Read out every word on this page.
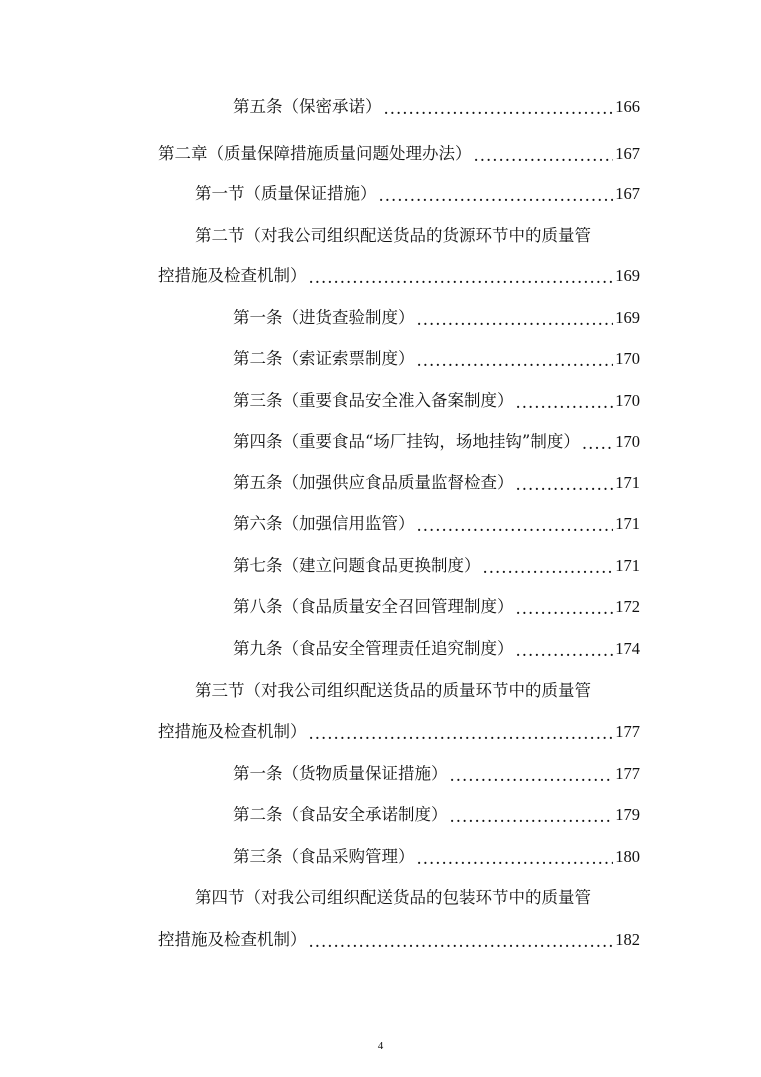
第五条（保密承诺） .....	166
第二章（质量保障措施质量问题处理办法） .....	167
第一节（质量保证措施） .....	167
第二节（对我公司组织配送货品的货源环节中的质量管
控措施及检查机制） .....	169
第一条（进货查验制度） .....	169
第二条（索证索票制度） .....	170
第三条（重要食品安全准入备案制度） .....	170
第四条（重要食品“场厂挂钩，场地挂钩”制度） ..... 170
第五条（加强供应食品质量监督检查） .....	171
第六条（加强信用监管） .....	171
第七条（建立问题食品更换制度） .....	171
第八条（食品质量安全召回管理制度） .....	172
第九条（食品安全管理责任追究制度） .....	174
第三节（对我公司组织配送货品的质量环节中的质量管
控措施及检查机制） .....	177
第一条（货物质量保证措施） .....	177
第二条（食品安全承诺制度） .....	179
第三条（食品采购管理） .....	180
第四节（对我公司组织配送货品的包装环节中的质量管
控措施及检查机制） .....	182
4
